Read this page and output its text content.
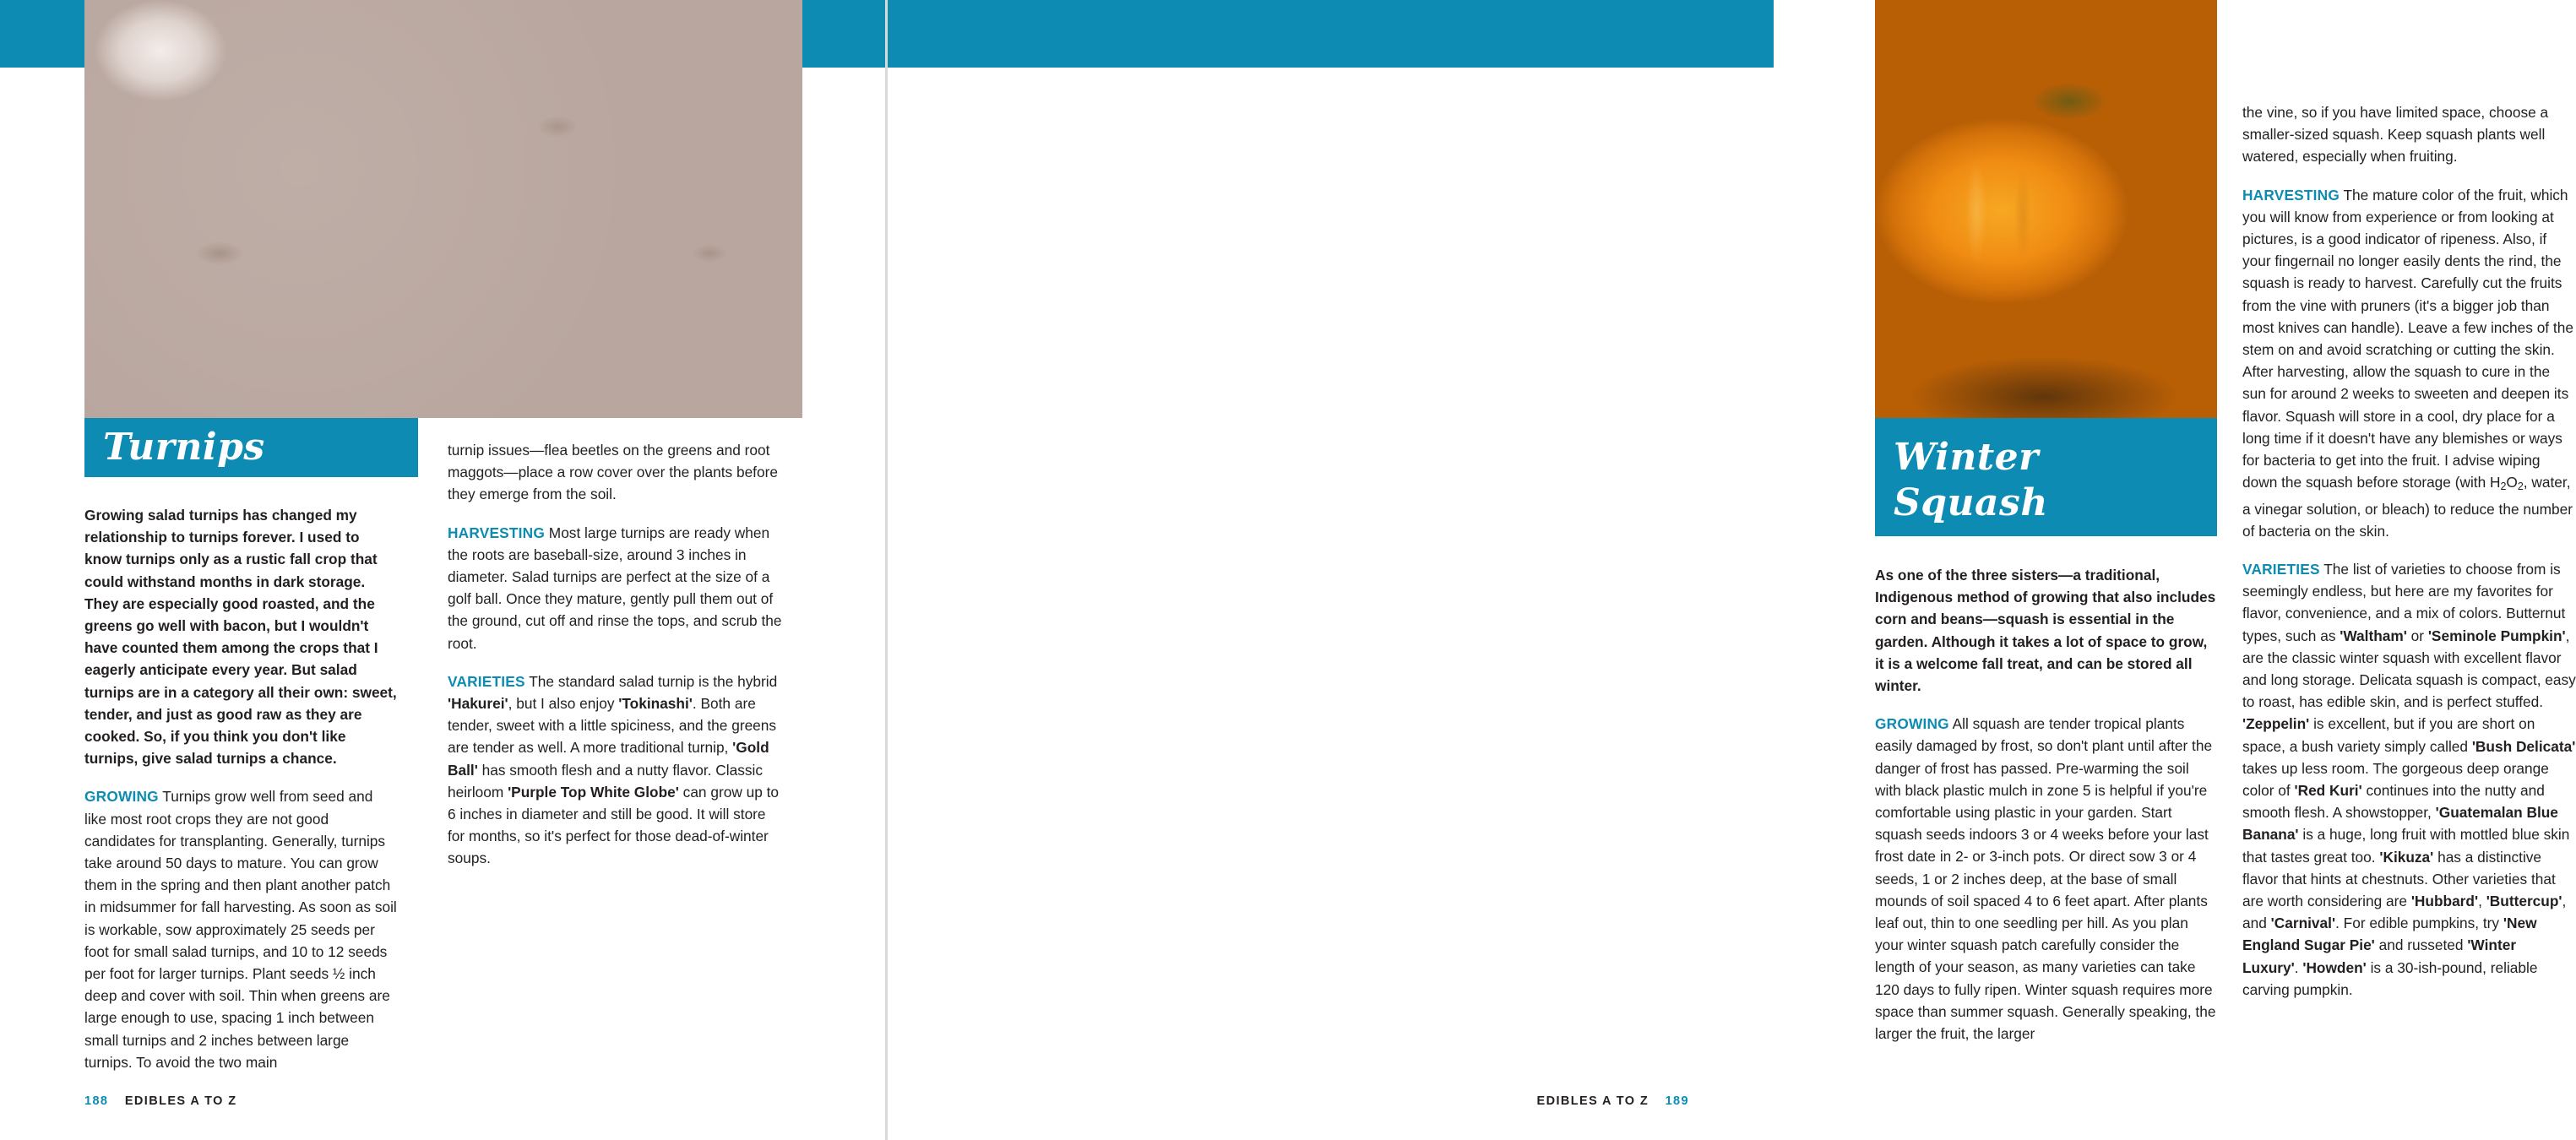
Turnips

Growing salad turnips has changed my relationship to turnips forever. I used to know turnips only as a rustic fall crop that could withstand months in dark storage. They are especially good roasted, and the greens go well with bacon, but I wouldn't have counted them among the crops that I eagerly anticipate every year. But salad turnips are in a category all their own: sweet, tender, and just as good raw as they are cooked. So, if you think you don't like turnips, give salad turnips a chance.

GROWING Turnips grow well from seed and like most root crops they are not good candidates for transplanting. Generally, turnips take around 50 days to mature. You can grow them in the spring and then plant another patch in midsummer for fall harvesting. As soon as soil is workable, sow approximately 25 seeds per foot for small salad turnips, and 10 to 12 seeds per foot for larger turnips. Plant seeds ½ inch deep and cover with soil. Thin when greens are large enough to use, spacing 1 inch between small turnips and 2 inches between large turnips. To avoid the two main

turnip issues—flea beetles on the greens and root maggots—place a row cover over the plants before they emerge from the soil.

HARVESTING Most large turnips are ready when the roots are baseball-size, around 3 inches in diameter. Salad turnips are perfect at the size of a golf ball. Once they mature, gently pull them out of the ground, cut off and rinse the tops, and scrub the root.

VARIETIES The standard salad turnip is the hybrid 'Hakurei', but I also enjoy 'Tokinashi'. Both are tender, sweet with a little spiciness, and the greens are tender as well. A more traditional turnip, 'Gold Ball' has smooth flesh and a nutty flavor. Classic heirloom 'Purple Top White Globe' can grow up to 6 inches in diameter and still be good. It will store for months, so it's perfect for those dead-of-winter soups.

188 EDIBLES A TO Z
Winter
Squash

As one of the three sisters—a traditional, Indigenous method of growing that also includes corn and beans—squash is essential in the garden. Although it takes a lot of space to grow, it is a welcome fall treat, and can be stored all winter.

GROWING All squash are tender tropical plants easily damaged by frost, so don't plant until after the danger of frost has passed. Pre-warming the soil with black plastic mulch in zone 5 is helpful if you're comfortable using plastic in your garden. Start squash seeds indoors 3 or 4 weeks before your last frost date in 2- or 3-inch pots. Or direct sow 3 or 4 seeds, 1 or 2 inches deep, at the base of small mounds of soil spaced 4 to 6 feet apart. After plants leaf out, thin to one seedling per hill. As you plan your winter squash patch carefully consider the length of your season, as many varieties can take 120 days to fully ripen. Winter squash requires more space than summer squash. Generally speaking, the larger the fruit, the larger

the vine, so if you have limited space, choose a smaller-sized squash. Keep squash plants well watered, especially when fruiting.

HARVESTING The mature color of the fruit, which you will know from experience or from looking at pictures, is a good indicator of ripeness. Also, if your fingernail no longer easily dents the rind, the squash is ready to harvest. Carefully cut the fruits from the vine with pruners (it's a bigger job than most knives can handle). Leave a few inches of the stem on and avoid scratching or cutting the skin. After harvesting, allow the squash to cure in the sun for around 2 weeks to sweeten and deepen its flavor. Squash will store in a cool, dry place for a long time if it doesn't have any blemishes or ways for bacteria to get into the fruit. I advise wiping down the squash before storage (with $H_2O_2$, water, a vinegar solution, or bleach) to reduce the number of bacteria on the skin.

VARIETIES The list of varieties to choose from is seemingly endless, but here are my favorites for flavor, convenience, and a mix of colors. Butternut types, such as 'Waltham' or 'Seminole Pumpkin', are the classic winter squash with excellent flavor and long storage. Delicata squash is compact, easy to roast, has edible skin, and is perfect stuffed. 'Zeppelin' is excellent, but if you are short on space, a bush variety simply called 'Bush Delicata' takes up less room. The gorgeous deep orange color of 'Red Kuri' continues into the nutty and smooth flesh. A showstopper, 'Guatemalan Blue Banana' is a huge, long fruit with mottled blue skin that tastes great too. 'Kikuza' has a distinctive flavor that hints at chestnuts. Other varieties that are worth considering are 'Hubbard', 'Buttercup', and 'Carnival'. For edible pumpkins, try 'New England Sugar Pie' and russeted 'Winter Luxury'. 'Howden' is a 30-ish-pound, reliable carving pumpkin.

EDIBLES A TO Z 189
